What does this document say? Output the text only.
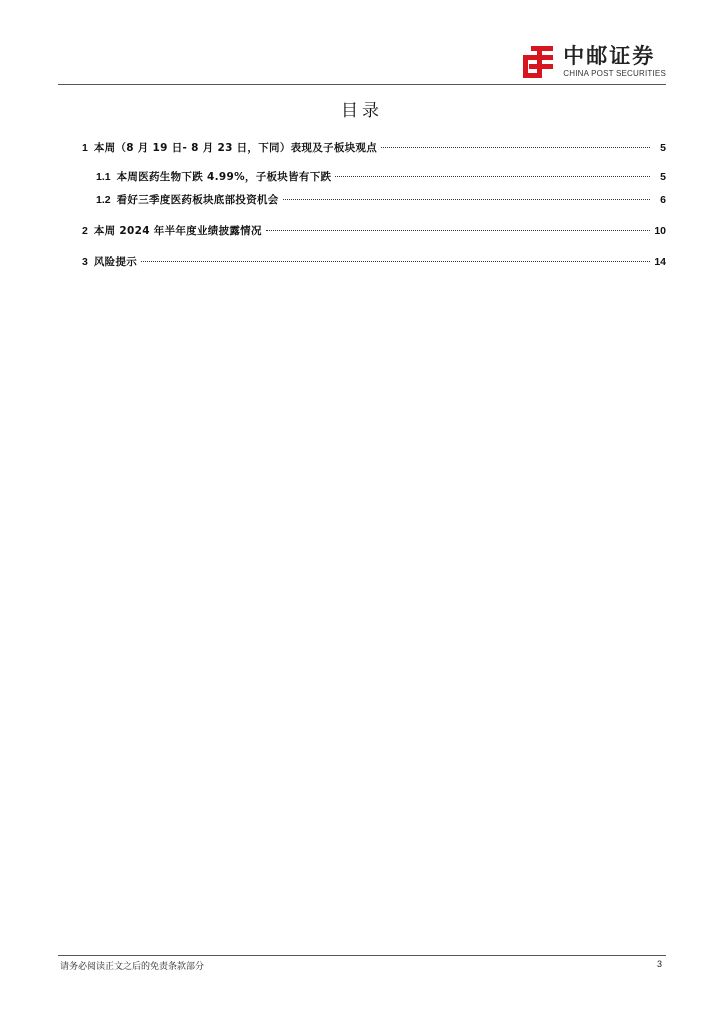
中邮证券
CHINA POST SECURITIES
目录
1 本周（8 月 19 日- 8 月 23 日，下同）表现及子板块观点	5
1.1 本周医药生物下跌 4.99%，子板块皆有下跌	5
1.2 看好三季度医药板块底部投资机会	6
2 本周 2024 年半年度业绩披露情况	10
3 风险提示	14
请务必阅读正文之后的免责条款部分	3
